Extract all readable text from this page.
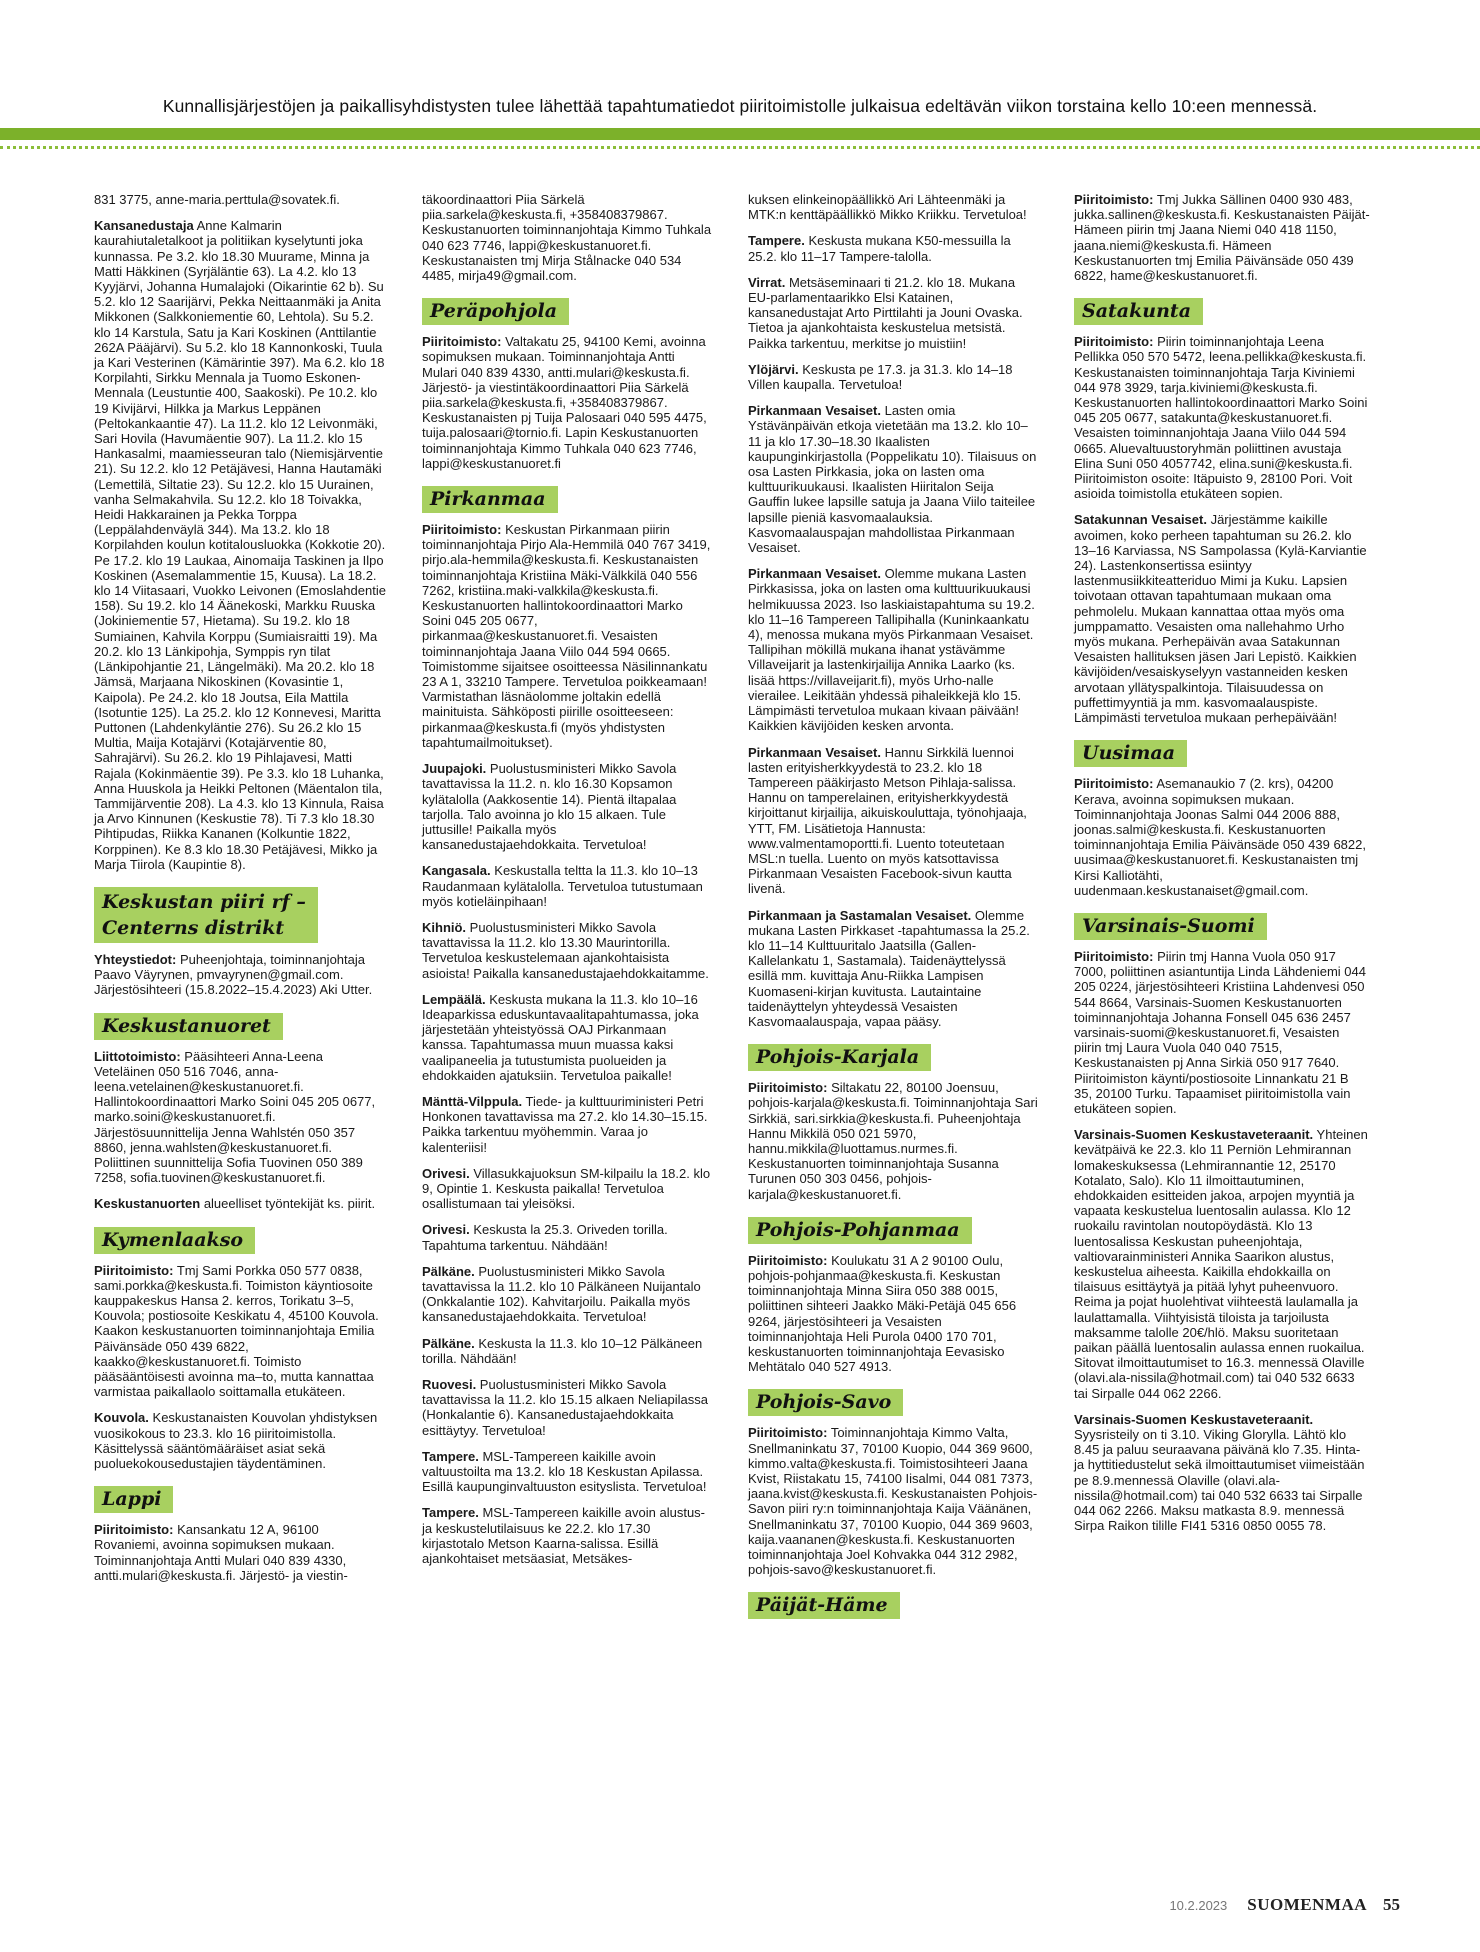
Kunnallisjärjestöjen ja paikallisyhdistysten tulee lähettää tapahtumatiedot piiritoimistolle julkaisua edeltävän viikon torstaina kello 10:een mennessä.

831 3775, anne-maria.perttula@sovatek.fi.

Kansanedustaja Anne Kalmarin kaurahiutaletalkoot ja politiikan kyselytunti joka kunnassa. Pe 3.2. klo 18.30 Muurame, Minna ja Matti Häkkinen (Syrjäläntie 63). La 4.2. klo 13 Kyyjärvi, Johanna Humalajoki (Oikarintie 62 b). Su 5.2. klo 12 Saarijärvi, Pekka Neittaanmäki ja Anita Mikkonen (Salkkoniementie 60, Lehtola). Su 5.2. klo 14 Karstula, Satu ja Kari Koskinen (Anttilantie 262A Pääjärvi). Su 5.2. klo 18 Kannonkoski, Tuula ja Kari Vesterinen (Kämärintie 397). Ma 6.2. klo 18 Korpilahti, Sirkku Mennala ja Tuomo Eskonen-Mennala (Leustuntie 400, Saakoski). Pe 10.2. klo 19 Kivijärvi, Hilkka ja Markus Leppänen (Peltokankaantie 47). La 11.2. klo 12 Leivonmäki, Sari Hovila (Havumäentie 907). La 11.2. klo 15 Hankasalmi, maamiesseuran talo (Niemisjärventie 21). Su 12.2. klo 12 Petäjävesi, Hanna Hautamäki (Lemettilä, Siltatie 23). Su 12.2. klo 15 Uurainen, vanha Selmakahvila. Su 12.2. klo 18 Toivakka, Heidi Hakkarainen ja Pekka Torppa (Leppälahdenväylä 344). Ma 13.2. klo 18 Korpilahden koulun kotitalousluokka (Kokkotie 20). Pe 17.2. klo 19 Laukaa, Ainomaija Taskinen ja Ilpo Koskinen (Asemalammentie 15, Kuusa). La 18.2. klo 14 Viitasaari, Vuokko Leivonen (Emoslahdentie 158). Su 19.2. klo 14 Äänekoski, Markku Ruuska (Jokiniementie 57, Hietama). Su 19.2. klo 18 Sumiainen, Kahvila Korppu (Sumiaisraitti 19). Ma 20.2. klo 13 Länkipohja, Symppis ryn tilat (Länkipohjantie 21, Längelmäki). Ma 20.2. klo 18 Jämsä, Marjaana Nikoskinen (Kovasintie 1, Kaipola). Pe 24.2. klo 18 Joutsa, Eila Mattila (Isotuntie 125). La 25.2. klo 12 Konnevesi, Maritta Puttonen (Lahdenkyläntie 276). Su 26.2 klo 15 Multia, Maija Kotajärvi (Kotajärventie 80, Sahrajärvi). Su 26.2. klo 19 Pihlajavesi, Matti Rajala (Kokinmäentie 39). Pe 3.3. klo 18 Luhanka, Anna Huuskola ja Heikki Peltonen (Mäentalon tila, Tammijärventie 208). La 4.3. klo 13 Kinnula, Raisa ja Arvo Kinnunen (Keskustie 78). Ti 7.3 klo 18.30 Pihtipudas, Riikka Kananen (Kolkuntie 1822, Korppinen). Ke 8.3 klo 18.30 Petäjävesi, Mikko ja Marja Tiirola (Kaupintie 8).

Keskustan piiri rf –
Centerns distrikt

Yhteystiedot: Puheenjohtaja, toiminnanjohtaja Paavo Väyrynen, pmvayrynen@gmail.com. Järjestösihteeri (15.8.2022–15.4.2023) Aki Utter.

Keskustanuoret

Liittotoimisto: Pääsihteeri Anna-Leena Veteläinen 050 516 7046, anna-leena.vetelainen@keskustanuoret.fi. Hallintokoordinaattori Marko Soini 045 205 0677, marko.soini@keskustanuoret.fi. Järjestösuunnittelija Jenna Wahlstén 050 357 8860, jenna.wahlsten@keskustanuoret.fi. Poliittinen suunnittelija Sofia Tuovinen 050 389 7258, sofia.tuovinen@keskustanuoret.fi.

Keskustanuorten alueelliset työntekijät ks. piirit.

Kymenlaakso

Piiritoimisto: Tmj Sami Porkka 050 577 0838, sami.porkka@keskusta.fi. Toimiston käyntiosoite kauppakeskus Hansa 2. kerros, Torikatu 3–5, Kouvola; postiosoite Keskikatu 4, 45100 Kouvola. Kaakon keskustanuorten toiminnanjohtaja Emilia Päivänsäde 050 439 6822, kaakko@keskustanuoret.fi. Toimisto pääsääntöisesti avoinna ma–to, mutta kannattaa varmistaa paikallaolo soittamalla etukäteen.

Kouvola. Keskustanaisten Kouvolan yhdistyksen vuosikokous to 23.3. klo 16 piiritoimistolla. Käsittelyssä sääntömääräiset asiat sekä puoluekokousedustajien täydentäminen.

Lappi

Piiritoimisto: Kansankatu 12 A, 96100 Rovaniemi, avoinna sopimuksen mukaan. Toiminnanjohtaja Antti Mulari 040 839 4330, antti.mulari@keskusta.fi. Järjestö- ja viestin-

täkoordinaattori Piia Särkelä piia.sarkela@keskusta.fi, +358408379867. Keskustanuorten toiminnanjohtaja Kimmo Tuhkala 040 623 7746, lappi@keskustanuoret.fi. Keskustanaisten tmj Mirja Stålnacke 040 534 4485, mirja49@gmail.com.

Peräpohjola

Piiritoimisto: Valtakatu 25, 94100 Kemi, avoinna sopimuksen mukaan. Toiminnanjohtaja Antti Mulari 040 839 4330, antti.mulari@keskusta.fi. Järjestö- ja viestintäkoordinaattori Piia Särkelä piia.sarkela@keskusta.fi, +358408379867. Keskustanaisten pj Tuija Palosaari 040 595 4475, tuija.palosaari@tornio.fi. Lapin Keskustanuorten toiminnanjohtaja Kimmo Tuhkala 040 623 7746, lappi@keskustanuoret.fi

Pirkanmaa

Piiritoimisto: Keskustan Pirkanmaan piirin toiminnanjohtaja Pirjo Ala-Hemmilä 040 767 3419, pirjo.ala-hemmila@keskusta.fi. Keskustanaisten toiminnanjohtaja Kristiina Mäki-Välkkilä 040 556 7262, kristiina.maki-valkkila@keskusta.fi. Keskustanuorten hallintokoordinaattori Marko Soini 045 205 0677, pirkanmaa@keskustanuoret.fi. Vesaisten toiminnanjohtaja Jaana Viilo 044 594 0665. Toimistomme sijaitsee osoitteessa Näsilinnankatu 23 A 1, 33210 Tampere. Tervetuloa poikkeamaan! Varmistathan läsnäolomme joltakin edellä mainituista. Sähköposti piirille osoitteeseen: pirkanmaa@keskusta.fi (myös yhdistysten tapahtumailmoitukset).

Juupajoki. Puolustusministeri Mikko Savola tavattavissa la 11.2. n. klo 16.30 Kopsamon kylätalolla (Aakkosentie 14). Pientä iltapalaa tarjolla. Talo avoinna jo klo 15 alkaen. Tule juttusille! Paikalla myös kansanedustajaehdokkaita. Tervetuloa!

Kangasala. Keskustalla teltta la 11.3. klo 10–13 Raudanmaan kylätalolla. Tervetuloa tutustumaan myös kotieläinpihaan!

Kihniö. Puolustusministeri Mikko Savola tavattavissa la 11.2. klo 13.30 Maurintorilla. Tervetuloa keskustelemaan ajankohtaisista asioista! Paikalla kansanedustajaehdokkaitamme.

Lempäälä. Keskusta mukana la 11.3. klo 10–16 Ideaparkissa eduskuntavaalitapahtumassa, joka järjestetään yhteistyössä OAJ Pirkanmaan kanssa. Tapahtumassa muun muassa kaksi vaalipaneelia ja tutustumista puolueiden ja ehdokkaiden ajatuksiin. Tervetuloa paikalle!

Mänttä-Vilppula. Tiede- ja kulttuuriministeri Petri Honkonen tavattavissa ma 27.2. klo 14.30–15.15. Paikka tarkentuu myöhemmin. Varaa jo kalenteriisi!

Orivesi. Villasukkajuoksun SM-kilpailu la 18.2. klo 9, Opintie 1. Keskusta paikalla! Tervetuloa osallistumaan tai yleisöksi.

Orivesi. Keskusta la 25.3. Oriveden torilla. Tapahtuma tarkentuu. Nähdään!

Pälkäne. Puolustusministeri Mikko Savola tavattavissa la 11.2. klo 10 Pälkäneen Nuijantalo (Onkkalantie 102). Kahvitarjoilu. Paikalla myös kansanedustajaehdokkaita. Tervetuloa!

Pälkäne. Keskusta la 11.3. klo 10–12 Pälkäneen torilla. Nähdään!

Ruovesi. Puolustusministeri Mikko Savola tavattavissa la 11.2. klo 15.15 alkaen Neliapilassa (Honkalantie 6). Kansanedustajaehdokkaita esittäytyy. Tervetuloa!

Tampere. MSL-Tampereen kaikille avoin valtuustoilta ma 13.2. klo 18 Keskustan Apilassa. Esillä kaupunginvaltuuston esityslista. Tervetuloa!

Tampere. MSL-Tampereen kaikille avoin alustus- ja keskustelutilaisuus ke 22.2. klo 17.30 kirjastotalo Metson Kaarna-salissa. Esillä ajankohtaiset metsäasiat, Metsäkes-

kuksen elinkeinopäällikkö Ari Lähteenmäki ja MTK:n kenttäpäällikkö Mikko Kriikku. Tervetuloa!

Tampere. Keskusta mukana K50-messuilla la 25.2. klo 11–17 Tampere-talolla.

Virrat. Metsäseminaari ti 21.2. klo 18. Mukana EU-parlamentaarikko Elsi Katainen, kansanedustajat Arto Pirttilahti ja Jouni Ovaska. Tietoa ja ajankohtaista keskustelua metsistä. Paikka tarkentuu, merkitse jo muistiin!

Ylöjärvi. Keskusta pe 17.3. ja 31.3. klo 14–18 Villen kaupalla. Tervetuloa!

Pirkanmaan Vesaiset. Lasten omia Ystävänpäivän etkoja vietetään ma 13.2. klo 10–11 ja klo 17.30–18.30 Ikaalisten kaupunginkirjastolla (Poppelikatu 10). Tilaisuus on osa Lasten Pirkkasia, joka on lasten oma kulttuurikuukausi. Ikaalisten Hiiritalon Seija Gauffin lukee lapsille satuja ja Jaana Viilo taiteilee lapsille pieniä kasvomaalauksia. Kasvomaalauspajan mahdollistaa Pirkanmaan Vesaiset.

Pirkanmaan Vesaiset. Olemme mukana Lasten Pirkkasissa, joka on lasten oma kulttuurikuukausi helmikuussa 2023. Iso laskiaistapahtuma su 19.2. klo 11–16 Tampereen Tallipihalla (Kuninkaankatu 4), menossa mukana myös Pirkanmaan Vesaiset. Tallipihan mökillä mukana ihanat ystävämme Villaveijarit ja lastenkirjailija Annika Laarko (ks. lisää https://villaveijarit.fi), myös Urho-nalle vierailee. Leikitään yhdessä pihaleikkejä klo 15. Lämpimästi tervetuloa mukaan kivaan päivään! Kaikkien kävijöiden kesken arvonta.

Pirkanmaan Vesaiset. Hannu Sirkkilä luennoi lasten erityisherkkyydestä to 23.2. klo 18 Tampereen pääkirjasto Metson Pihlaja-salissa. Hannu on tamperelainen, erityisherkkyydestä kirjoittanut kirjailija, aikuiskouluttaja, työnohjaaja, YTT, FM. Lisätietoja Hannusta: www.valmentamoportti.fi. Luento toteutetaan MSL:n tuella. Luento on myös katsottavissa Pirkanmaan Vesaisten Facebook-sivun kautta livenä.

Pirkanmaan ja Sastamalan Vesaiset. Olemme mukana Lasten Pirkkaset -tapahtumassa la 25.2. klo 11–14 Kulttuuritalo Jaatsilla (Gallen-Kallelankatu 1, Sastamala). Taidenäyttelyssä esillä mm. kuvittaja Anu-Riikka Lampisen Kuomaseni-kirjan kuvitusta. Lautaintaine taidenäyttelyn yhteydessä Vesaisten Kasvomaalauspaja, vapaa pääsy.

Pohjois-Karjala

Piiritoimisto: Siltakatu 22, 80100 Joensuu, pohjois-karjala@keskusta.fi. Toiminnanjohtaja Sari Sirkkiä, sari.sirkkia@keskusta.fi. Puheenjohtaja Hannu Mikkilä 050 021 5970, hannu.mikkila@luottamus.nurmes.fi. Keskustanuorten toiminnanjohtaja Susanna Turunen 050 303 0456, pohjois-karjala@keskustanuoret.fi.

Pohjois-Pohjanmaa

Piiritoimisto: Koulukatu 31 A 2 90100 Oulu, pohjois-pohjanmaa@keskusta.fi. Keskustan toiminnanjohtaja Minna Siira 050 388 0015, poliittinen sihteeri Jaakko Mäki-Petäjä 045 656 9264, järjestösihteeri ja Vesaisten toiminnanjohtaja Heli Purola 0400 170 701, keskustanuorten toiminnanjohtaja Eevasisko Mehtätalo 040 527 4913.

Pohjois-Savo

Piiritoimisto: Toiminnanjohtaja Kimmo Valta, Snellmaninkatu 37, 70100 Kuopio, 044 369 9600, kimmo.valta@keskusta.fi. Toimistosihteeri Jaana Kvist, Riistakatu 15, 74100 Iisalmi, 044 081 7373, jaana.kvist@keskusta.fi. Keskustanaisten Pohjois-Savon piiri ry:n toiminnanjohtaja Kaija Väänänen, Snellmaninkatu 37, 70100 Kuopio, 044 369 9603, kaija.vaananen@keskusta.fi. Keskustanuorten toiminnanjohtaja Joel Kohvakka 044 312 2982, pohjois-savo@keskustanuoret.fi.

Päijät-Häme

Piiritoimisto: Tmj Jukka Sällinen 0400 930 483, jukka.sallinen@keskusta.fi. Keskustanaisten Päijät-Hämeen piirin tmj Jaana Niemi 040 418 1150, jaana.niemi@keskusta.fi. Hämeen Keskustanuorten tmj Emilia Päivänsäde 050 439 6822, hame@keskustanuoret.fi.

Satakunta

Piiritoimisto: Piirin toiminnanjohtaja Leena Pellikka 050 570 5472, leena.pellikka@keskusta.fi. Keskustanaisten toiminnanjohtaja Tarja Kiviniemi 044 978 3929, tarja.kiviniemi@keskusta.fi. Keskustanuorten hallintokoordinaattori Marko Soini 045 205 0677, satakunta@keskustanuoret.fi. Vesaisten toiminnanjohtaja Jaana Viilo 044 594 0665. Aluevaltuustoryhmän poliittinen avustaja Elina Suni 050 4057742, elina.suni@keskusta.fi. Piiritoimiston osoite: Itäpuisto 9, 28100 Pori. Voit asioida toimistolla etukäteen sopien.

Satakunnan Vesaiset. Järjestämme kaikille avoimen, koko perheen tapahtuman su 26.2. klo 13–16 Karviassa, NS Sampolassa (Kylä-Karviantie 24). Lastenkonsertissa esiintyy lastenmusiikkiteatteriduo Mimi ja Kuku. Lapsien toivotaan ottavan tapahtumaan mukaan oma pehmolelu. Mukaan kannattaa ottaa myös oma jumppamatto. Vesaisten oma nallehahmo Urho myös mukana. Perhepäivän avaa Satakunnan Vesaisten hallituksen jäsen Jari Lepistö. Kaikkien kävijöiden/vesaiskyselyyn vastanneiden kesken arvotaan yllätyspalkintoja. Tilaisuudessa on puffettimyyntiä ja mm. kasvomaalauspiste. Lämpimästi tervetuloa mukaan perhepäivään!

Uusimaa

Piiritoimisto: Asemanaukio 7 (2. krs), 04200 Kerava, avoinna sopimuksen mukaan. Toiminnanjohtaja Joonas Salmi 044 2006 888, joonas.salmi@keskusta.fi. Keskustanuorten toiminnanjohtaja Emilia Päivänsäde 050 439 6822, uusimaa@keskustanuoret.fi. Keskustanaisten tmj Kirsi Kalliotähti, uudenmaan.keskustanaiset@gmail.com.

Varsinais-Suomi

Piiritoimisto: Piirin tmj Hanna Vuola 050 917 7000, poliittinen asiantuntija Linda Lähdeniemi 044 205 0224, järjestösihteeri Kristiina Lahdenvesi 050 544 8664, Varsinais-Suomen Keskustanuorten toiminnanjohtaja Johanna Fonsell 045 636 2457 varsinais-suomi@keskustanuoret.fi, Vesaisten piirin tmj Laura Vuola 040 040 7515, Keskustanaisten pj Anna Sirkiä 050 917 7640. Piiritoimiston käynti/postiosoite Linnankatu 21 B 35, 20100 Turku. Tapaamiset piiritoimistolla vain etukäteen sopien.

Varsinais-Suomen Keskustaveteraanit. Yhteinen kevätpäivä ke 22.3. klo 11 Perniön Lehmirannan lomakeskuksessa (Lehmirannantie 12, 25170 Kotalato, Salo). Klo 11 ilmoittautuminen, ehdokkaiden esitteiden jakoa, arpojen myyntiä ja vapaata keskustelua luentosalin aulassa. Klo 12 ruokailu ravintolan noutopöydästä. Klo 13 luentosalissa Keskustan puheenjohtaja, valtiovarainministeri Annika Saarikon alustus, keskustelua aiheesta. Kaikilla ehdokkailla on tilaisuus esittäytyä ja pitää lyhyt puheenvuoro. Reima ja pojat huolehtivat viihteestä laulamalla ja laulattamalla. Viihtyisistä tiloista ja tarjoilusta maksamme talolle 20€/hlö. Maksu suoritetaan paikan päällä luentosalin aulassa ennen ruokailua. Sitovat ilmoittautumiset to 16.3. mennessä Olaville (olavi.ala-nissila@hotmail.com) tai 040 532 6633 tai Sirpalle 044 062 2266.

Varsinais-Suomen Keskustaveteraanit. Syysristeily on ti 3.10. Viking Glorylla. Lähtö klo 8.45 ja paluu seuraavana päivänä klo 7.35. Hinta- ja hyttitiedustelut sekä ilmoittautumiset viimeistään pe 8.9.mennessä Olaville (olavi.ala-nissila@hotmail.com) tai 040 532 6633 tai Sirpalle 044 062 2266. Maksu matkasta 8.9. mennessä Sirpa Raikon tilille FI41 5316 0850 0055 78.

10.2.2023 SUOMENMAA 55
